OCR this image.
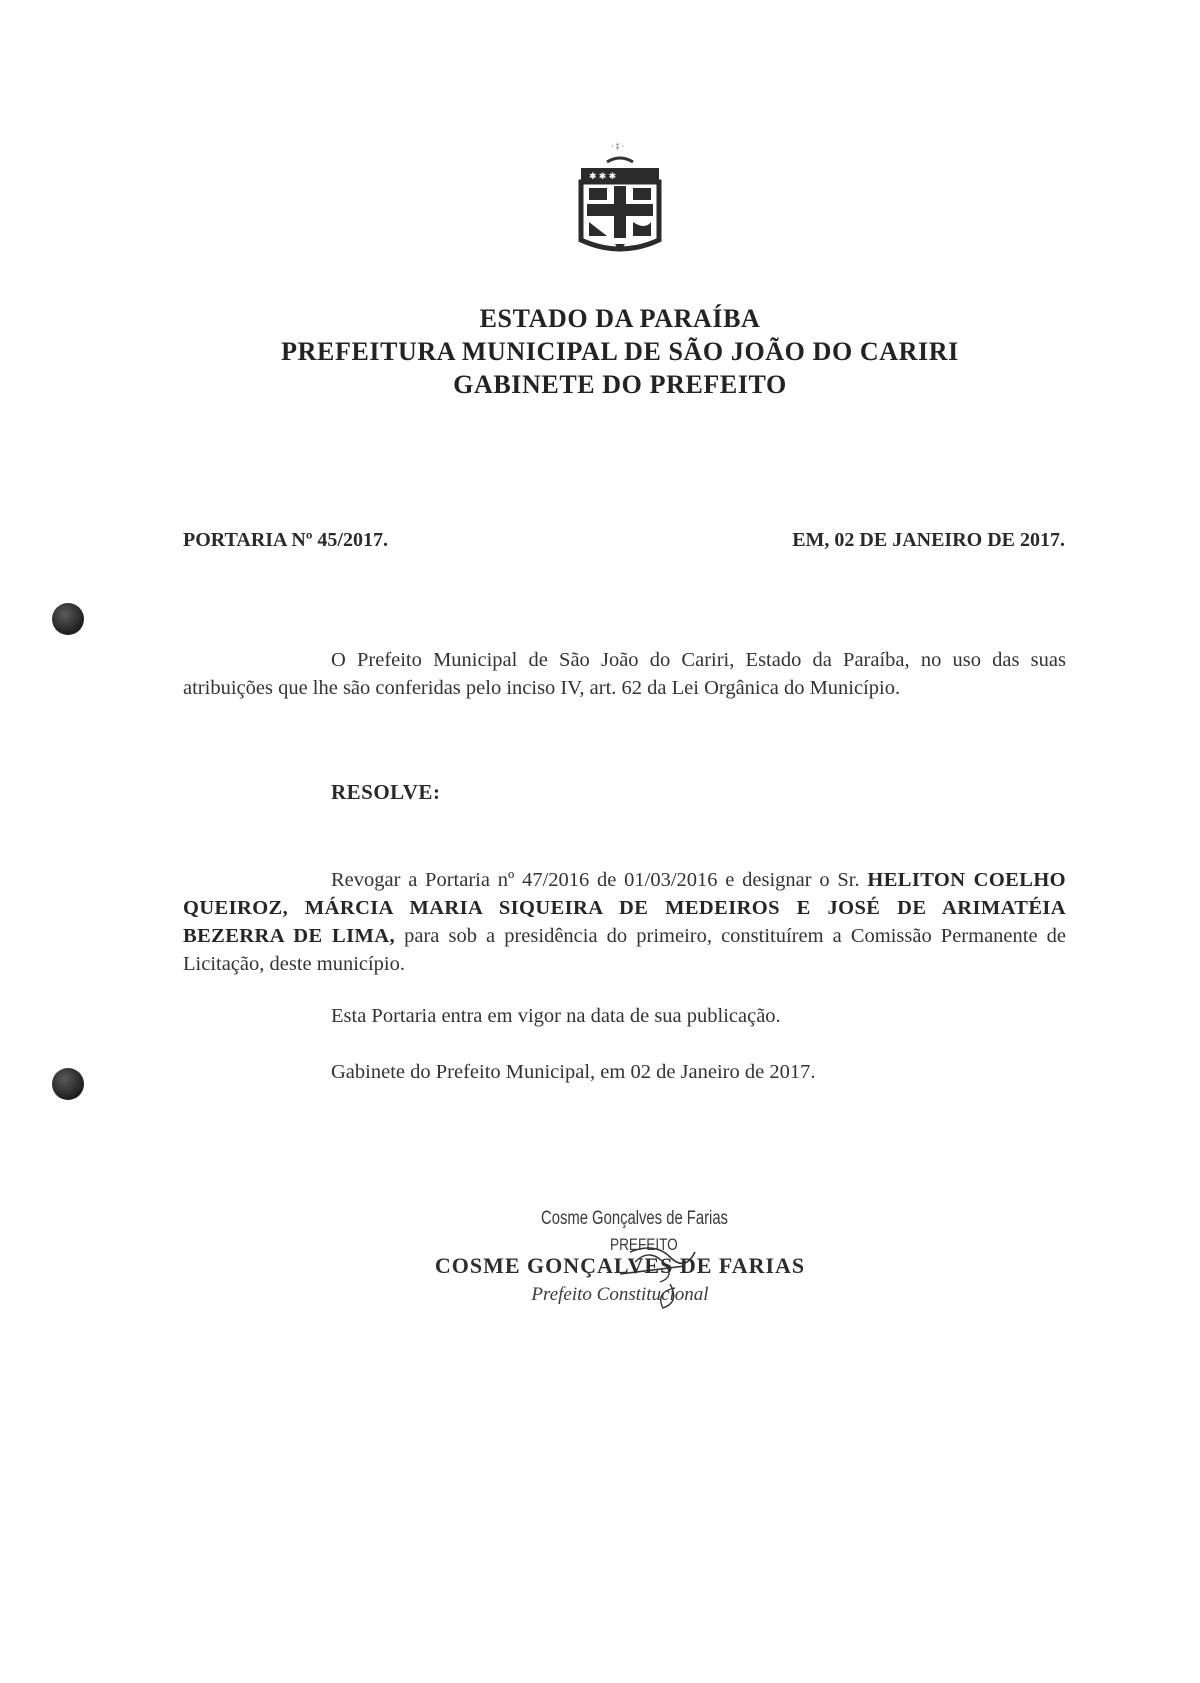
· ‡ ·
✱ ✱ ✱
ESTADO DA PARAÍBA
PREFEITURA MUNICIPAL DE SÃO JOÃO DO CARIRI
GABINETE DO PREFEITO
PORTARIA Nº 45/2017.	EM, 02 DE JANEIRO DE 2017.
O Prefeito Municipal de São João do Cariri, Estado da Paraíba, no uso das suas atribuições que lhe são conferidas pelo inciso IV, art. 62 da Lei Orgânica do Município.
RESOLVE:
Revogar a Portaria nº 47/2016 de 01/03/2016 e designar o Sr. HELITON COELHO QUEIROZ, MÁRCIA MARIA SIQUEIRA DE MEDEIROS E JOSÉ DE ARIMATÉIA BEZERRA DE LIMA, para sob a presidência do primeiro, constituírem a Comissão Permanente de Licitação, deste município.
Esta Portaria entra em vigor na data de sua publicação.
Gabinete do Prefeito Municipal, em 02 de Janeiro de 2017.
Cosme Gonçalves de Farias
PREFEITO
COSME GONÇALVES DE FARIAS
Prefeito Constitucional
